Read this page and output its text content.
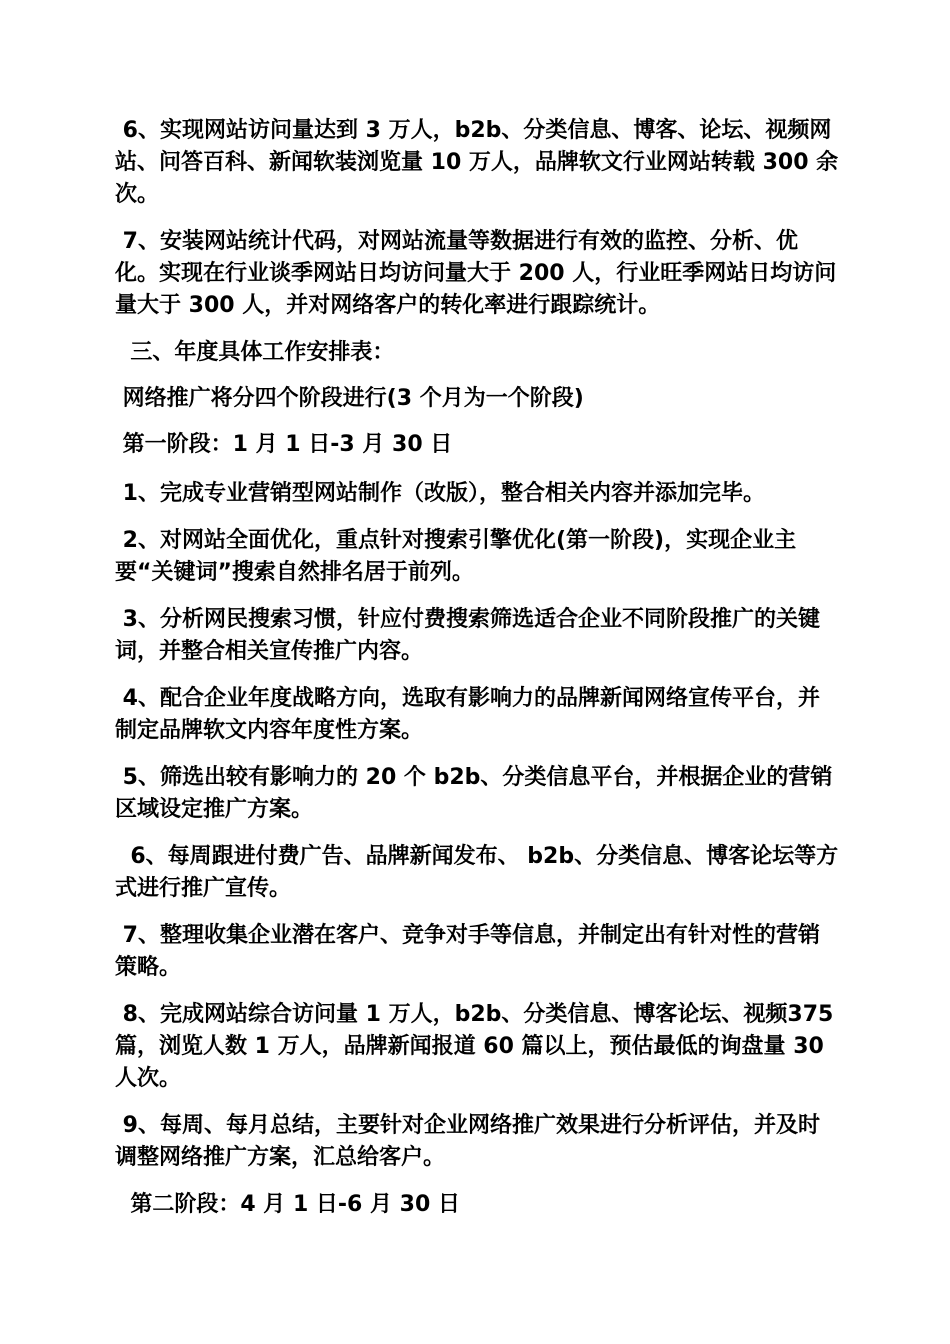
6、实现网站访问量达到 3 万人，b2b、分类信息、博客、论坛、视频网站、问答百科、新闻软装浏览量 10 万人，品牌软文行业网站转载 300 余次。

7、安装网站统计代码，对网站流量等数据进行有效的监控、分析、优化。实现在行业谈季网站日均访问量大于 200 人，行业旺季网站日均访问量大于 300 人，并对网络客户的转化率进行跟踪统计。

三、年度具体工作安排表：

网络推广将分四个阶段进行(3 个月为一个阶段)

第一阶段：1 月 1 日-3 月 30 日

1、完成专业营销型网站制作（改版），整合相关内容并添加完毕。

2、对网站全面优化，重点针对搜索引擎优化(第一阶段)，实现企业主要“关键词”搜索自然排名居于前列。

3、分析网民搜索习惯，针应付费搜索筛选适合企业不同阶段推广的关键词，并整合相关宣传推广内容。

4、配合企业年度战略方向，选取有影响力的品牌新闻网络宣传平台，并制定品牌软文内容年度性方案。

5、筛选出较有影响力的 20 个 b2b、分类信息平台，并根据企业的营销区域设定推广方案。

6、每周跟进付费广告、品牌新闻发布、 b2b、分类信息、博客论坛等方式进行推广宣传。

7、整理收集企业潜在客户、竞争对手等信息，并制定出有针对性的营销策略。

8、完成网站综合访问量 1 万人，b2b、分类信息、博客论坛、视频375 篇，浏览人数 1 万人，品牌新闻报道 60 篇以上，预估最低的询盘量 30 人次。

9、每周、每月总结，主要针对企业网络推广效果进行分析评估，并及时调整网络推广方案，汇总给客户。

第二阶段：4 月 1 日-6 月 30 日
